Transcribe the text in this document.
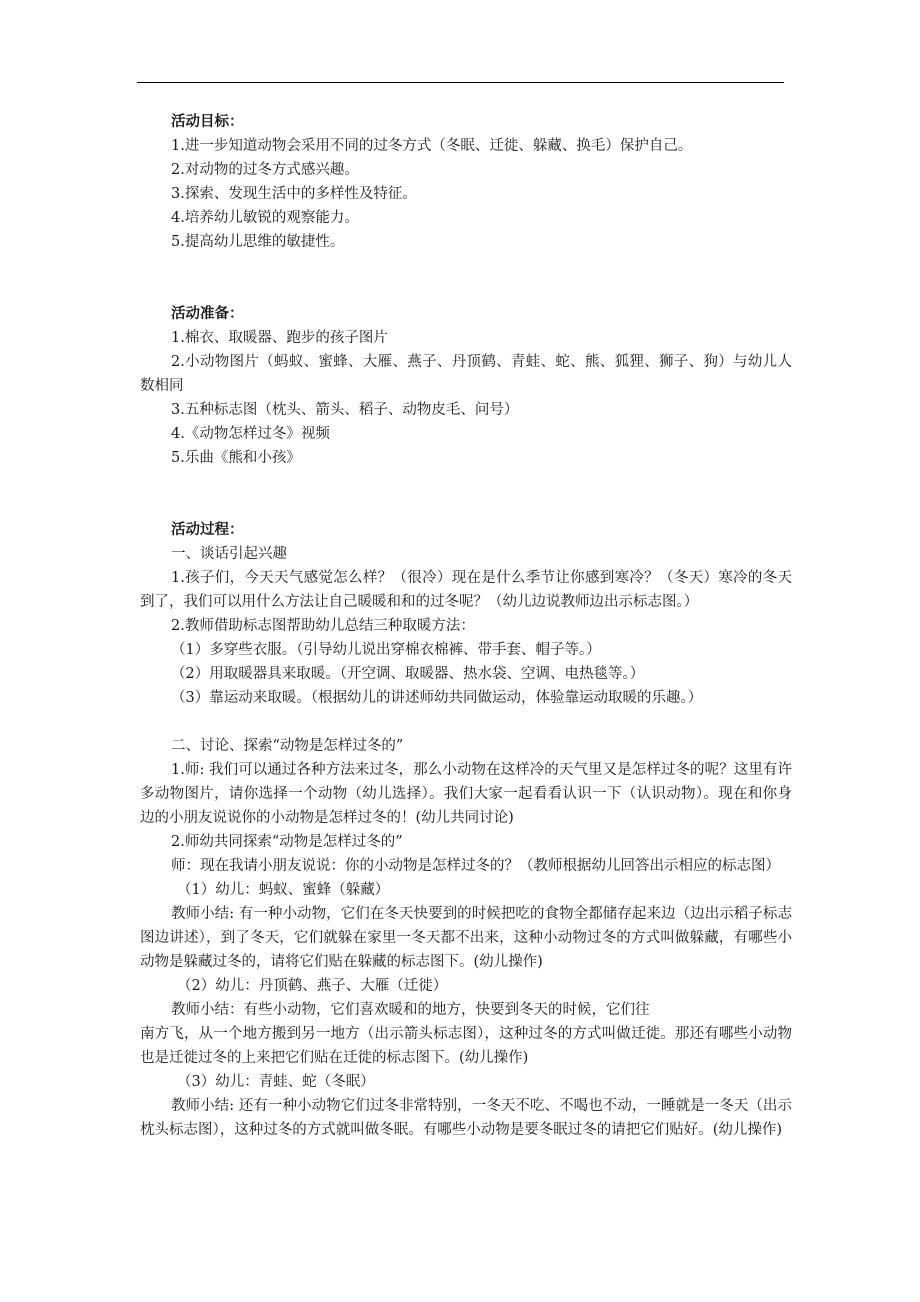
活动目标：
1.进一步知道动物会采用不同的过冬方式（冬眠、迁徙、躲藏、换毛）保护自己。
2.对动物的过冬方式感兴趣。
3.探索、发现生活中的多样性及特征。
4.培养幼儿敏锐的观察能力。
5.提高幼儿思维的敏捷性。
活动准备：
1.棉衣、取暖器、跑步的孩子图片
2.小动物图片（蚂蚁、蜜蜂、大雁、燕子、丹顶鹤、青蛙、蛇、熊、狐狸、狮子、狗）与幼儿人数相同
3.五种标志图（枕头、箭头、稻子、动物皮毛、问号）
4.《动物怎样过冬》视频
5.乐曲《熊和小孩》
活动过程：
一、谈话引起兴趣
1.孩子们，今天天气感觉怎么样？（很冷）现在是什么季节让你感到寒冷？（冬天）寒冷的冬天到了，我们可以用什么方法让自己暖暖和和的过冬呢？（幼儿边说教师边出示标志图。）
2.教师借助标志图帮助幼儿总结三种取暖方法：
（1）多穿些衣服。（引导幼儿说出穿棉衣棉裤、带手套、帽子等。）
（2）用取暖器具来取暖。（开空调、取暖器、热水袋、空调、电热毯等。）
（3）靠运动来取暖。（根据幼儿的讲述师幼共同做运动，体验靠运动取暖的乐趣。）
二、讨论、探索“动物是怎样过冬的”
1.师: 我们可以通过各种方法来过冬，那么小动物在这样冷的天气里又是怎样过冬的呢？这里有许多动物图片，请你选择一个动物（幼儿选择）。我们大家一起看看认识一下（认识动物）。现在和你身边的小朋友说说你的小动物是怎样过冬的！(幼儿共同讨论)
2.师幼共同探索“动物是怎样过冬的”
师：现在我请小朋友说说：你的小动物是怎样过冬的？（教师根据幼儿回答出示相应的标志图）
（1）幼儿：蚂蚁、蜜蜂（躲藏）
教师小结: 有一种小动物，它们在冬天快要到的时候把吃的食物全都储存起来边（边出示稻子标志图边讲述），到了冬天，它们就躲在家里一冬天都不出来，这种小动物过冬的方式叫做躲藏，有哪些小动物是躲藏过冬的，请将它们贴在躲藏的标志图下。(幼儿操作)
（2）幼儿：丹顶鹤、燕子、大雁（迁徙）
教师小结：有些小动物，它们喜欢暖和的地方，快要到冬天的时候，它们往
南方飞，从一个地方搬到另一地方（出示箭头标志图），这种过冬的方式叫做迁徙。那还有哪些小动物也是迁徙过冬的上来把它们贴在迁徙的标志图下。(幼儿操作)
（3）幼儿：青蛙、蛇（冬眠）
教师小结: 还有一种小动物它们过冬非常特别，一冬天不吃、不喝也不动，一睡就是一冬天（出示枕头标志图），这种过冬的方式就叫做冬眠。有哪些小动物是要冬眠过冬的请把它们贴好。(幼儿操作)
